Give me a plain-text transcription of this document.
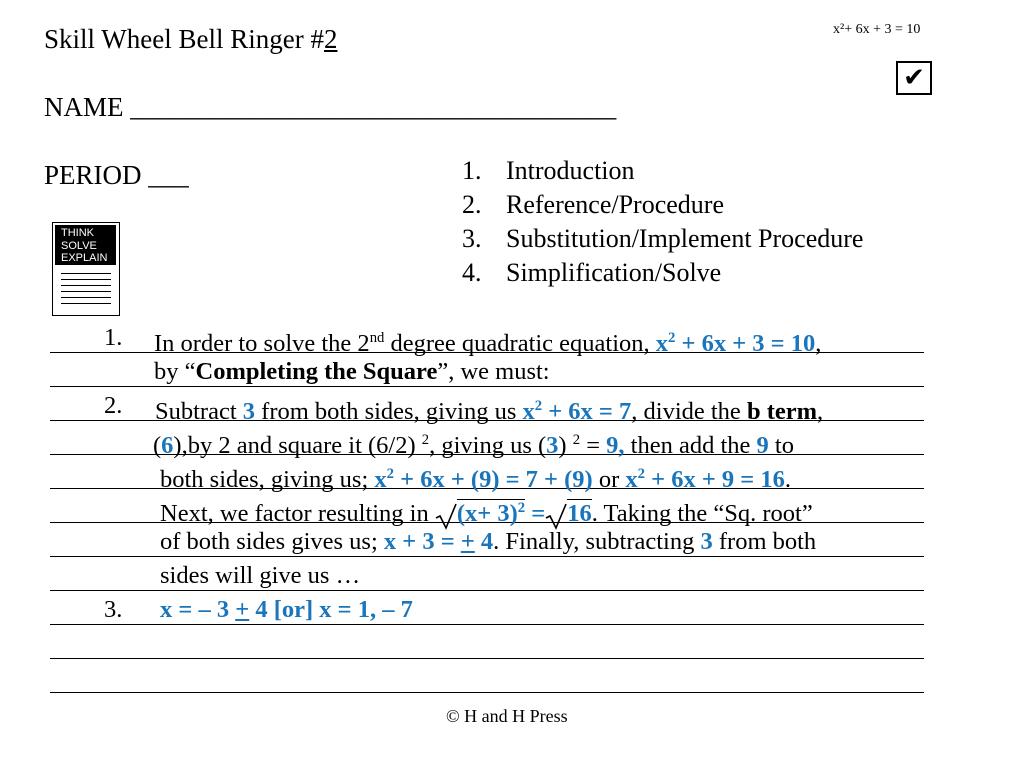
Skill Wheel Bell Ringer #2
NAME ____________________________________
PERIOD ___
x²+ 6x + 3 = 10
✔
1. Introduction
2. Reference/Procedure
3. Substitution/Implement Procedure
4. Simplification/Solve
THINK
SOLVE
EXPLAIN
1. In order to solve the 2nd degree quadratic equation, $x^2 + 6x + 3 = 10$,
by “Completing the Square”, we must:
2. Subtract 3 from both sides, giving us $x^2 + 6x = 7$, divide the b term,
(6),by 2 and square it (6/2) $^2$, giving us (3) $^2$ = 9, then add the 9 to
both sides, giving us; $x^2 + 6x + (9) = 7 + (9)$ or $x^2 + 6x + 9 = 16$.
Next, we factor resulting in $(x+ 3)^2 = 16$. Taking the “Sq. root”
of both sides gives us; x + 3 = + 4. Finally, subtracting 3 from both
sides will give us …
3. x = – 3 + 4 [or] x = 1, – 7
© H and H Press
